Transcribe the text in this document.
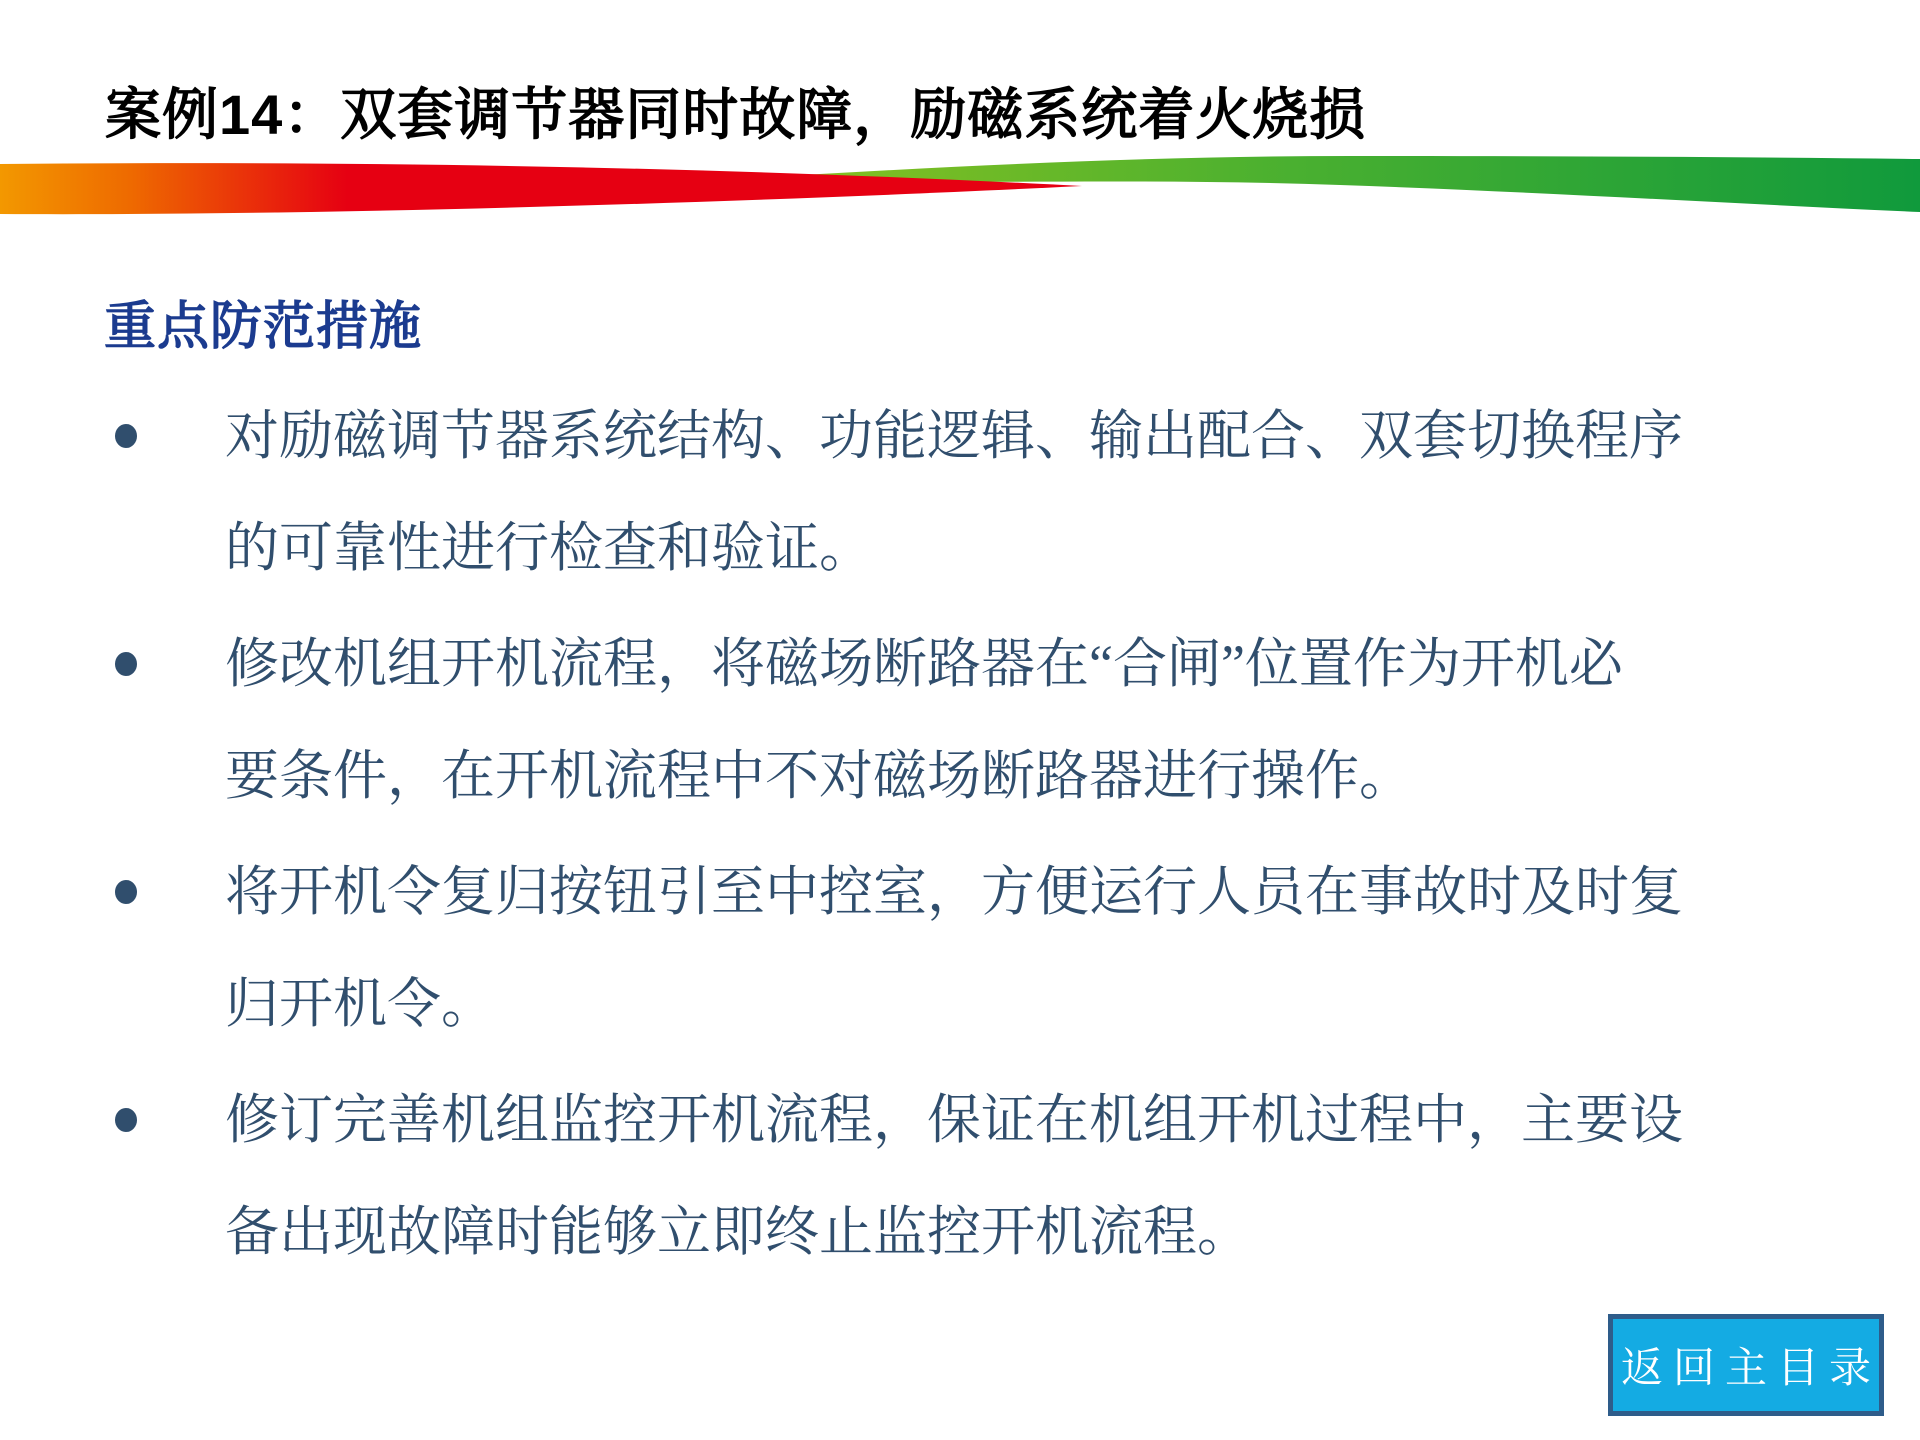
案例14：双套调节器同时故障，励磁系统着火烧损
重点防范措施
对励磁调节器系统结构、功能逻辑、输出配合、双套切换程序
的可靠性进行检查和验证。
修改机组开机流程，将磁场断路器在“合闸”位置作为开机必
要条件，在开机流程中不对磁场断路器进行操作。
将开机令复归按钮引至中控室，方便运行人员在事故时及时复
归开机令。
修订完善机组监控开机流程，保证在机组开机过程中，主要设
备出现故障时能够立即终止监控开机流程。
返回主目录
